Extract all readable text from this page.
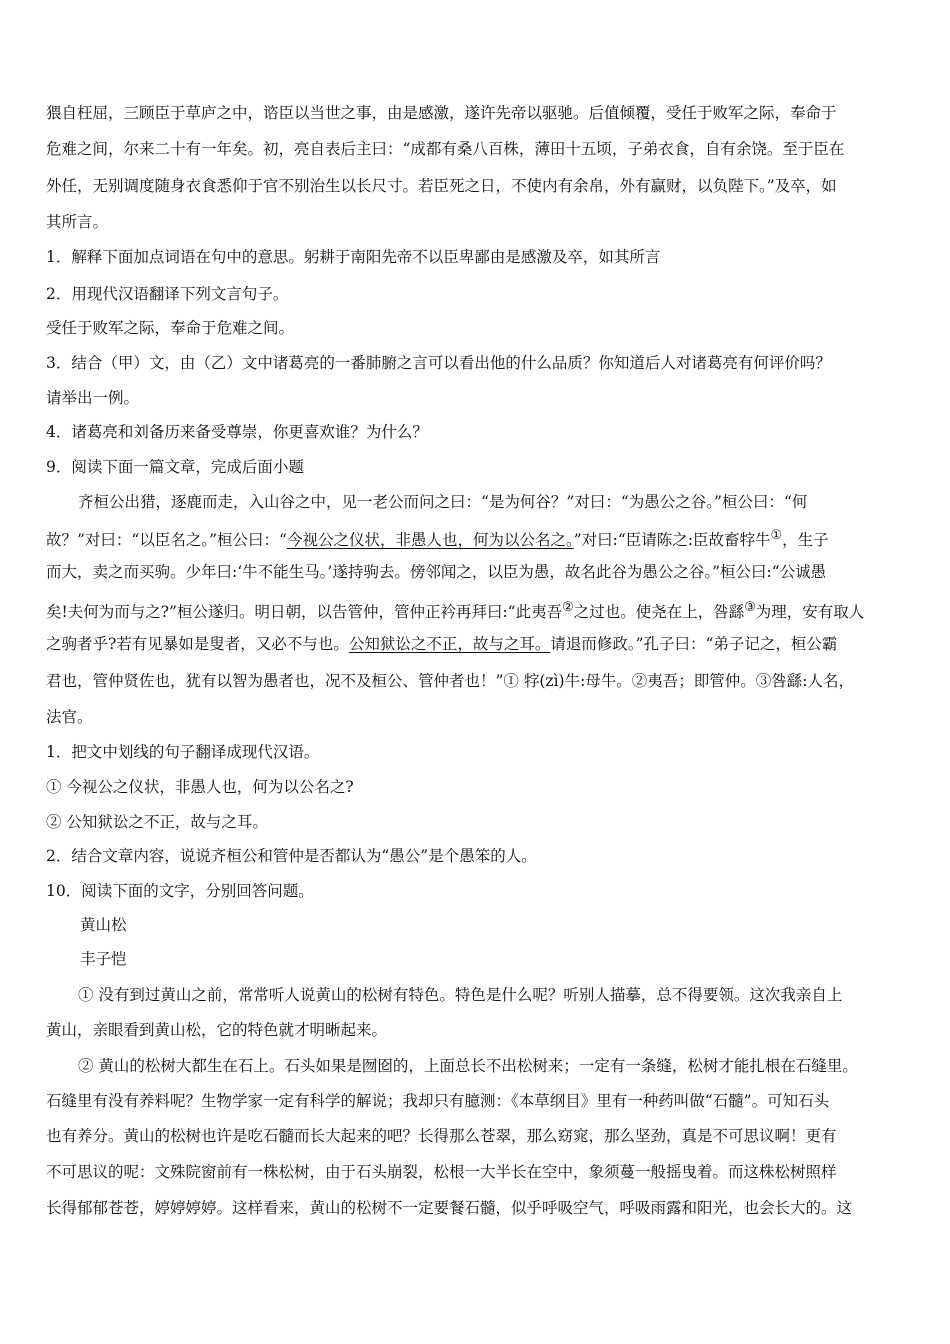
猥自枉屈，三顾臣于草庐之中，谘臣以当世之事，由是感激，遂许先帝以驱驰。后值倾覆，受任于败军之际，奉命于
危难之间，尔来二十有一年矣。初，亮自表后主曰：“成都有桑八百株，薄田十五顷，子弟衣食，自有余饶。至于臣在
外任，无别调度随身衣食悉仰于官不别治生以长尺寸。若臣死之日，不使内有余帛，外有赢财，以负陛下。”及卒，如
其所言。
1．解释下面加点词语在句中的意思。躬耕于南阳先帝不以臣卑鄙由是感激及卒，如其所言
2．用现代汉语翻译下列文言句子。
受任于败军之际，奉命于危难之间。
3．结合（甲）文，由（乙）文中诸葛亮的一番肺腑之言可以看出他的什么品质？你知道后人对诸葛亮有何评价吗？
请举出一例。
4．诸葛亮和刘备历来备受尊崇，你更喜欢谁？为什么？
9．阅读下面一篇文章，完成后面小题
齐桓公出猎，逐鹿而走，入山谷之中，见一老公而问之曰：“是为何谷？”对曰：“为愚公之谷。”桓公曰：“何
故？”对曰：“以臣名之。”桓公曰：“今视公之仪状，非愚人也，何为以公名之。”对曰:“臣请陈之:臣故畜牸牛①，生子
而大，卖之而买驹。少年曰:‘牛不能生马。’遂持驹去。傍邻闻之，以臣为愚，故名此谷为愚公之谷。”桓公曰:“公诚愚
矣!夫何为而与之?”桓公遂归。明日朝，以告管仲，管仲正衿再拜曰:“此夷吾②之过也。使尧在上，咎繇③为理，安有取人
之驹者乎?若有见暴如是叟者，又必不与也。公知狱讼之不正，故与之耳。请退而修政。”孔子曰：“弟子记之，桓公霸
君也，管仲贤佐也，犹有以智为愚者也，况不及桓公、管仲者也！”① 牸(zì)牛:母牛。②夷吾；即管仲。③咎繇:人名，
法官。
1．把文中划线的句子翻译成现代汉语。
① 今视公之仪状，非愚人也，何为以公名之?
② 公知狱讼之不正，故与之耳。
2．结合文章内容，说说齐桓公和管仲是否都认为“愚公”是个愚笨的人。
10．阅读下面的文字，分别回答问题。
黄山松
丰子恺
① 没有到过黄山之前，常常听人说黄山的松树有特色。特色是什么呢？听别人描摹，总不得要领。这次我亲自上
黄山，亲眼看到黄山松，它的特色就才明晰起来。
② 黄山的松树大都生在石上。石头如果是囫囵的，上面总长不出松树来；一定有一条缝，松树才能扎根在石缝里。
石缝里有没有养料呢？生物学家一定有科学的解说；我却只有臆测：《本草纲目》里有一种药叫做“石髓”。可知石头
也有养分。黄山的松树也许是吃石髓而长大起来的吧？长得那么苍翠，那么窈窕，那么坚劲，真是不可思议啊！更有
不可思议的呢：文殊院窗前有一株松树，由于石头崩裂，松根一大半长在空中，象须蔓一般摇曳着。而这株松树照样
长得郁郁苍苍，婷婷婷婷。这样看来，黄山的松树不一定要餐石髓，似乎呼吸空气，呼吸雨露和阳光，也会长大的。这
